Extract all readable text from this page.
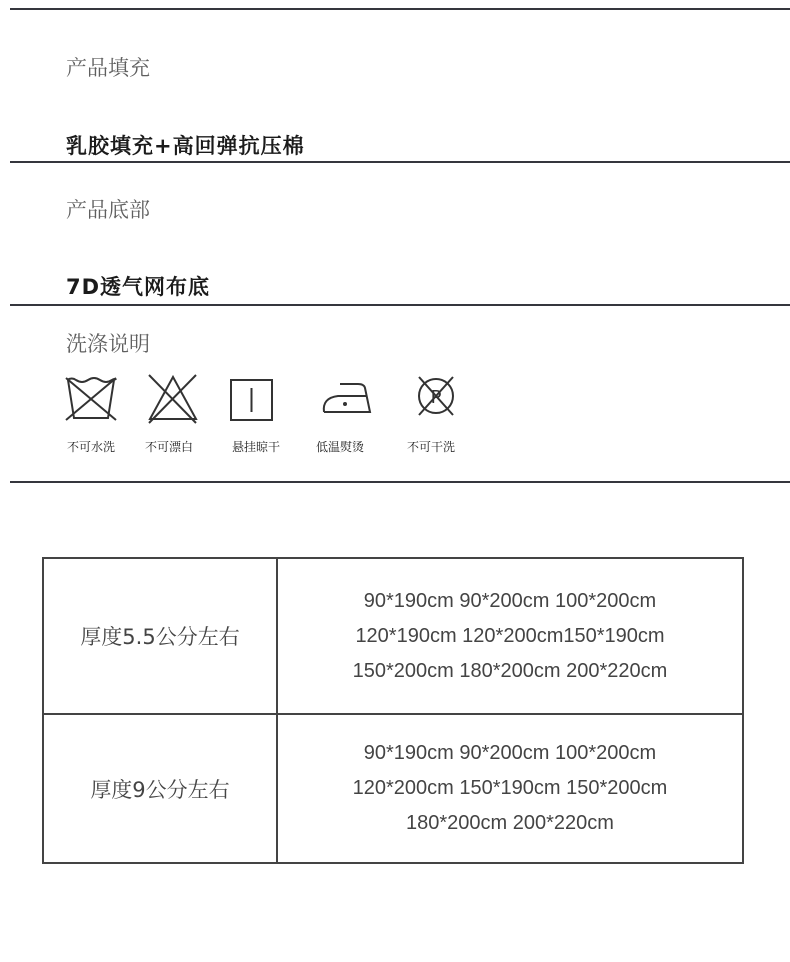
产品填充
乳胶填充+高回弹抗压棉
产品底部
7D透气网布底
洗涤说明
P
不可水洗	不可漂白	悬挂晾干	低温熨烫	不可干洗
厚度5.5公分左右	90*190cm 90*200cm 100*200cm
120*190cm 120*200cm150*190cm
150*200cm 180*200cm 200*220cm

厚度9公分左右	90*190cm 90*200cm 100*200cm
120*200cm 150*190cm 150*200cm
180*200cm 200*220cm
